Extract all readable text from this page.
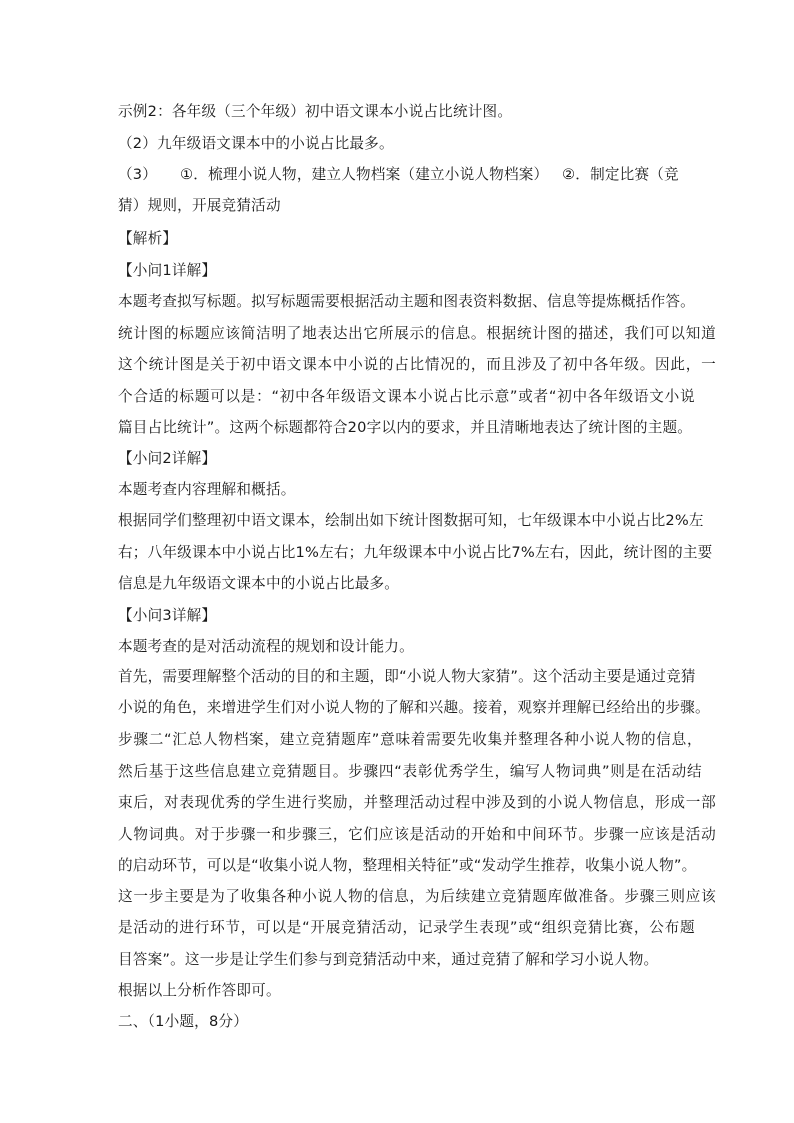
示例2：各年级（三个年级）初中语文课本小说占比统计图。
（2）九年级语文课本中的小说占比最多。
（3） ①．梳理小说人物，建立人物档案（建立小说人物档案） ②．制定比赛（竞
猜）规则，开展竞猜活动
【解析】
【小问1详解】
本题考查拟写标题。拟写标题需要根据活动主题和图表资料数据、信息等提炼概括作答。
统计图的标题应该简洁明了地表达出它所展示的信息。根据统计图的描述，我们可以知道
这个统计图是关于初中语文课本中小说的占比情况的，而且涉及了初中各年级。因此，一
个合适的标题可以是：“初中各年级语文课本小说占比示意”或者“初中各年级语文小说
篇目占比统计”。这两个标题都符合20字以内的要求，并且清晰地表达了统计图的主题。
【小问2详解】
本题考查内容理解和概括。
根据同学们整理初中语文课本，绘制出如下统计图数据可知，七年级课本中小说占比2%左
右；八年级课本中小说占比1%左右；九年级课本中小说占比7%左右，因此，统计图的主要
信息是九年级语文课本中的小说占比最多。
【小问3详解】
本题考查的是对活动流程的规划和设计能力。
首先，需要理解整个活动的目的和主题，即“小说人物大家猜”。这个活动主要是通过竞猜
小说的角色，来增进学生们对小说人物的了解和兴趣。接着，观察并理解已经给出的步骤。
步骤二“汇总人物档案，建立竞猜题库”意味着需要先收集并整理各种小说人物的信息，
然后基于这些信息建立竞猜题目。步骤四“表彰优秀学生，编写人物词典”则是在活动结
束后，对表现优秀的学生进行奖励，并整理活动过程中涉及到的小说人物信息，形成一部
人物词典。对于步骤一和步骤三，它们应该是活动的开始和中间环节。步骤一应该是活动
的启动环节，可以是“收集小说人物，整理相关特征”或“发动学生推荐，收集小说人物”。
这一步主要是为了收集各种小说人物的信息，为后续建立竞猜题库做准备。步骤三则应该
是活动的进行环节，可以是“开展竞猜活动，记录学生表现”或“组织竞猜比赛，公布题
目答案”。这一步是让学生们参与到竞猜活动中来，通过竞猜了解和学习小说人物。
根据以上分析作答即可。
二、（1小题，8分）
